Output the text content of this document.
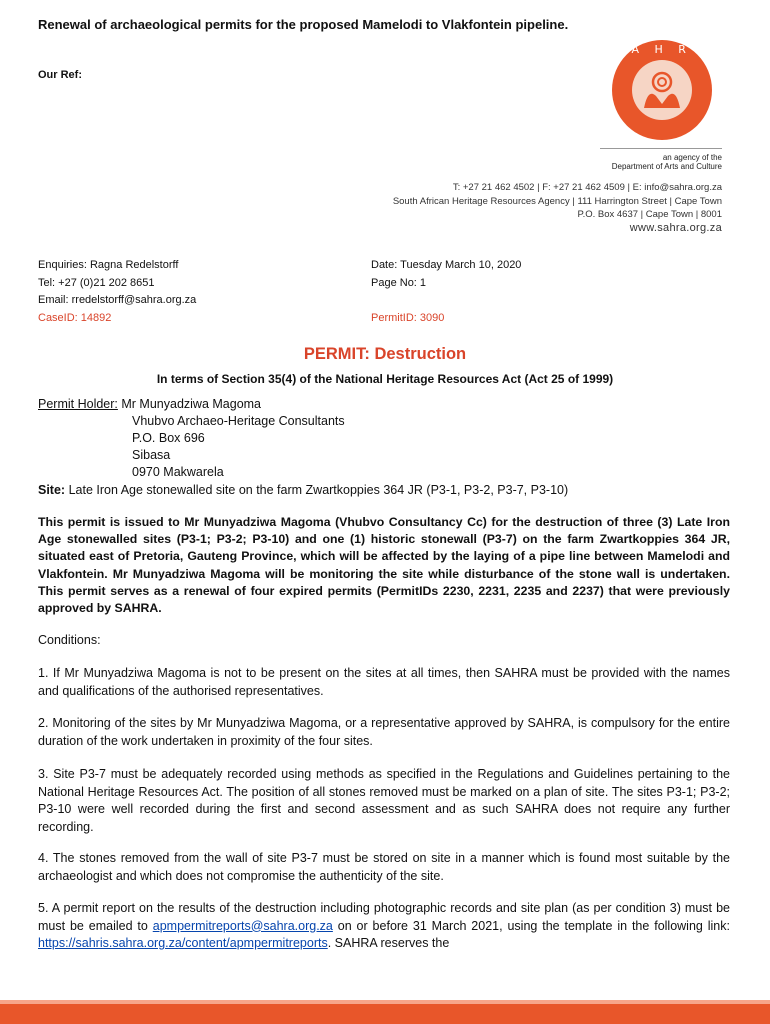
Renewal of archaeological permits for the proposed Mamelodi to Vlakfontein pipeline.
Our Ref:
S A H R A
an agency of the
Department of Arts and Culture
T: +27 21 462 4502 | F: +27 21 462 4509 | E: info@sahra.org.za
South African Heritage Resources Agency | 111 Harrington Street | Cape Town
P.O. Box 4637 | Cape Town | 8001
www.sahra.org.za
Enquiries: Ragna Redelstorff
Tel: +27 (0)21 202 8651
Email: rredelstorff@sahra.org.za
CaseID: 14892
Date: Tuesday March 10, 2020
Page No: 1

PermitID: 3090
PERMIT: Destruction
In terms of Section 35(4) of the National Heritage Resources Act (Act 25 of 1999)
Permit Holder: Mr Munyadziwa Magoma
Vhubvo Archaeo-Heritage Consultants
P.O. Box 696
Sibasa
0970 Makwarela
Site: Late Iron Age stonewalled site on the farm Zwartkoppies 364 JR (P3-1, P3-2, P3-7, P3-10)
This permit is issued to Mr Munyadziwa Magoma (Vhubvo Consultancy Cc) for the destruction of three (3) Late Iron Age stonewalled sites (P3-1; P3-2; P3-10) and one (1) historic stonewall (P3-7) on the farm Zwartkoppies 364 JR, situated east of Pretoria, Gauteng Province, which will be affected by the laying of a pipe line between Mamelodi and Vlakfontein. Mr Munyadziwa Magoma will be monitoring the site while disturbance of the stone wall is undertaken. This permit serves as a renewal of four expired permits (PermitIDs 2230, 2231, 2235 and 2237) that were previously approved by SAHRA.
Conditions:
1. If Mr Munyadziwa Magoma is not to be present on the sites at all times, then SAHRA must be provided with the names and qualifications of the authorised representatives.
2. Monitoring of the sites by Mr Munyadziwa Magoma, or a representative approved by SAHRA, is compulsory for the entire duration of the work undertaken in proximity of the four sites.
3. Site P3-7 must be adequately recorded using methods as specified in the Regulations and Guidelines pertaining to the National Heritage Resources Act. The position of all stones removed must be marked on a plan of site. The sites P3-1; P3-2; P3-10 were well recorded during the first and second assessment and as such SAHRA does not require any further recording.
4. The stones removed from the wall of site P3-7 must be stored on site in a manner which is found most suitable by the archaeologist and which does not compromise the authenticity of the site.
5. A permit report on the results of the destruction including photographic records and site plan (as per condition 3) must be must be emailed to apmpermitreports@sahra.org.za on or before 31 March 2021, using the template in the following link: https://sahris.sahra.org.za/content/apmpermitreports. SAHRA reserves the
